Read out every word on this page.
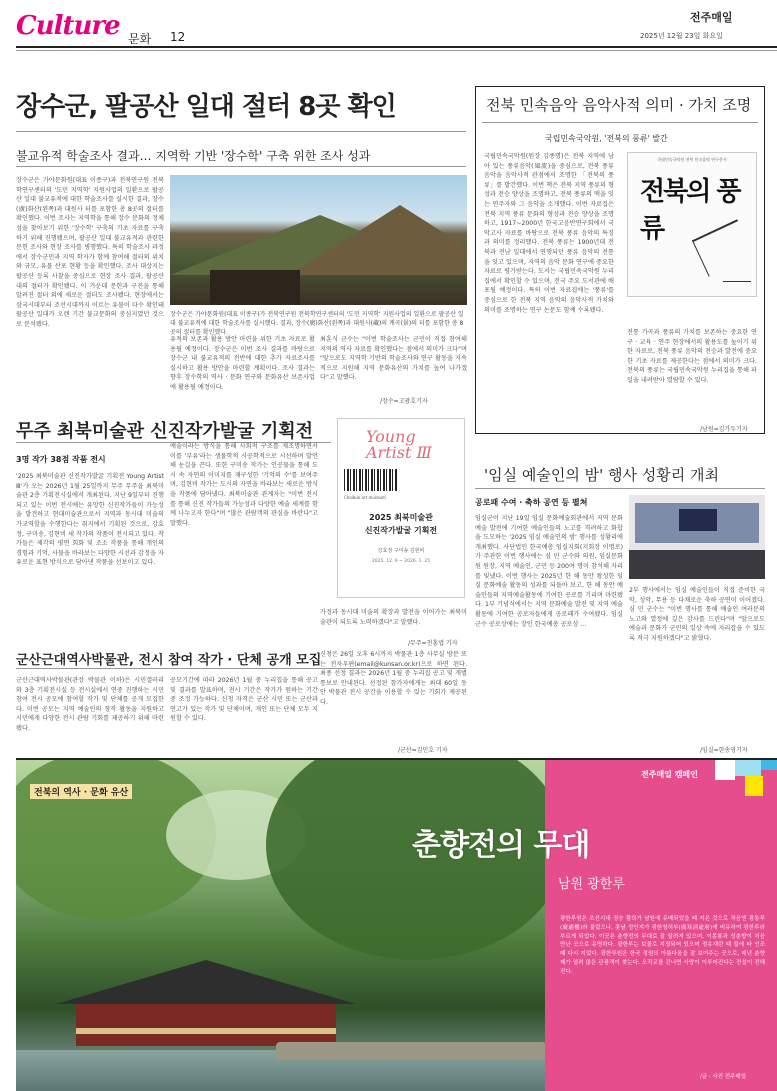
Culture 문화 12
전주매일
2025년 12월 23일 화요일
장수군, 팔공산 일대 절터 8곳 확인
불교유적 학술조사 결과… 지역학 기반 '장수학' 구축 위한 조사 성과
장수군은 가야문화원(대표 이종구)가 전북연구원 전북학연구센터의 '도민 지역학' 지원사업의 일환으로 팔공산 일대 불교유적에 대한 학술조사를 실시했다. 결과, 장수(廣)화산(왼쪽)과 대원사(藏)의 계곡(景)의 터를 포함한 총 8곳의 절터를 확인했다.
장수군은 가야문화원(대표 이종구)과 전북연구원 전북학연구센터의 '도민 지역학' 지원사업의 일환으로 팔공산 일대 불교유적에 대한 학술조사를 실시한 결과, 장수(廣)화산(왼쪽)과 대원사 터를 포함한 총 8곳의 절터를 확인했다. 이번 조사는 지역학을 통해 장수 문화의 정체성을 찾아보기 위한 '장수학' 구축의 기초 자료를 구축하기 위해 진행됐으며, 팔공산 일대 불교유적과 관련한 문헌 조사와 현장 조사를 병행했다. 특히 학술조사 과정에서 장수군민과 지역 학자가 함께 참여해 절터의 위치와 규모, 유물 산포 현황 등을 확인했다. 조사 대상지는 팔공산 등록 사찰을 중심으로 현장 조사 결과, 팔공산 내의 절터가 확인됐다. 이 가운데 문헌과 구전을 통해 알려진 절터 외에 새로운 절터도 조사됐다. 현장에서는 삼국시대부터 조선시대까지 이르는 유물이 다수 확인돼 팔공산 일대가 오랜 기간 불교문화의 중심지였던 것으로 분석됐다.
유적의 보존과 활용 방안 마련을 위한 기초 자료로 활용될 예정이다. 장수군은 이번 조사 결과를 바탕으로 장수군 내 불교유적의 전반에 대한 추가 자료조사를 실시하고 활용 방안을 마련할 계획이다. 조사 결과는 향후 장수학의 역사 · 문화 연구와 문화유산 보존사업에 활용될 예정이다.
최훈식 군수는 "이번 학술조사는 군민이 직접 참여해 지역의 역사 자료를 확인했다는 점에서 의미가 크다"며 "앞으로도 지역학 기반의 학술조사와 연구 활동을 지속적으로 지원해 지역 문화유산의 가치를 높여 나가겠다"고 말했다.
/장수=고광호기자
전북 민속음악 음악사적 의미 · 가치 조명
국립민속국악원, '전북의 풍류' 발간
국립민속국악원(원장 김종명)은 전북 지역에 남아 있는 풍류음악(風流)을 중심으로, 전북 풍류 음악을 음악사적 관점에서 조명한 「전북의 풍류」를 발간했다. 이번 책은 전북 지역 풍류의 형성과 전승 양상을 조명하고, 전북 풍류의 맥을 잇는 연주자와 그 음악을 소개했다. 이번 자료집은 전북 지역 풍류 문화의 형성과 전승 양상을 조명하고, 1917~2000년 한국고음반연구회에서 국악고사 자료를 바탕으로 전북 풍류 음악의 특징과 의미를 정리했다. 전북 풍류는 1900년대 전북과 전남 일대에서 연행되던 풍류 음악의 전통을 잇고 있으며, 지역의 음악 문화 연구에 중요한 자료로 평가받는다. 도서는 국립민속국악원 누리집에서 확인할 수 있으며, 전국 주요 도서관에 배포될 예정이다. 특히 이번 자료집에는 '풍류'를 중심으로 한 전북 지역 음악의 음악사적 가치와 의미를 조명하는 연구 논문도 함께 수록됐다.
국립민속국악원 전북 민속음악 연구총서
전북의 풍류
전통 가곡과 풍류의 가치를 보존하는 중요한 연구 · 교육 · 연주 현장에서의 활용도를 높이기 위한 자료로, 전북 풍류 음악의 전승과 발전에 중요한 기초 자료를 제공한다는 점에서 의미가 크다. 전북의 풍류는 국립민속국악원 누리집을 통해 파일을 내려받아 열람할 수 있다.
/남원=김가두기자
무주 최북미술관 신진작가발굴 기획전
3명 작가 38점 작품 전시
'2025 최북미술관 신진작가발굴 기획전 Young Artist Ⅲ'가 오는 2026년 1월 25일까지 무주 무주읍 최북미술관 2층 기획전시실에서 개최된다. 지난 9일부터 진행되고 있는 이번 전시에는 유망한 신진작가들이 가능성을 발견하고 현대미술관으로서 지역과 동시대 미술의 가교역할을 수행한다는 취지에서 기획된 것으로, 강효정, 구미송, 김현비 세 작가의 작품이 전시되고 있다. 작가들은 제각의 평면 회화 및 조소 작품을 통해 개인의 경험과 기억, 사물을 바라보는 다양한 시선과 감정을 자유로운 표현 방식으로 담아낸 작품을 선보이고 있다.
예술이라는 방식을 통해 사회적 구조를 재조명하면서 이를 '부유'라는 생물학적 시공학적으로 시선하며 발언해 눈길을 끈다. 또한 구미송 작가는 인공물을 통해 도시 속 자연의 이미지를 재구성한 '기억의 수'를 보여주며, 김현비 작가는 도시의 자연을 바라보는 새로운 방식을 작품에 담아냈다. 최북미술관 관계자는 "이번 전시를 통해 신진 작가들의 가능성과 다양한 예술 세계를 함께 나누고자 한다"며 "많은 관람객의 관심을 바란다"고 말했다.
Young
Artist Ⅲ
Choibuk art museum
2025 최북미술관
신진작가발굴 기획전
강효정 구미송 김현비
2025. 12. 9 ~ 2026. 1. 25
가정과 동시대 미술의 확장과 발전을 이어가는 최북미술관이 되도록 노력하겠다"고 말했다.
/무주=천홍엽 기자
군산근대역사박물관, 전시 참여 작가 · 단체 공개 모집
군산근대역사박물관(관장 박물관 이하)은 시민갤러리와 3층 기획전시실 등 전시실에서 연중 진행하는 시민 참여 전시 공모에 참여할 작가 및 단체를 공개 모집한다. 이번 공모는 지역 예술인의 창작 활동을 지원하고 시민에게 다양한 전시 관람 기회를 제공하기 위해 마련됐다.
공모기간에 따라 2026년 1월 중 누리집을 통해 공고 및 결과를 발표하며, 전시 기간은 작가가 원하는 기간 중 조정 가능하다. 신청 자격은 군산 시민 또는 군산과 연고가 있는 작가 및 단체이며, 개인 또는 단체 모두 지원할 수 있다.
신청은 26일 오후 6시까지 박물관 1층 사무실 방문 또는 전자우편(email@kunsan.or.kr)으로 하면 된다. 최종 선정 결과는 2026년 1월 중 누리집 공고 및 개별 통보로 안내된다. 선정된 참가자에게는 최대 60일 동안 박물관 전시 공간을 이용할 수 있는 기회가 제공된다.
/군산=김민호 기자
'임실 예술인의 밤' 행사 성황리 개최
공로패 수여 · 축하 공연 등 펼쳐
임실군이 지난 19일 임실 문화예술회관에서 지역 문화예술 발전에 기여한 예술인들의 노고를 격려하고 화합을 도모하는 '2025 임실 예술인의 밤' 행사를 성황리에 개최했다. 사단법인 한국예총 임실지회(지회장 이명로)가 주관한 이번 행사에는 심 민 군수와 의원, 임실문화원 원장, 지역 예술인, 군민 등 200여 명이 참석해 자리를 빛냈다. 이번 행사는 2025년 한 해 동안 왕성한 임실 문화예술 활동의 성과를 되돌아 보고, 한 해 동안 예술인들의 지역예술활동에 기여한 공로를 기리며 마련됐다. 1부 기념식에서는 지역 문화예술 발전 및 지역 예술 활동에 기여한 공로자들에게 공로패가 수여됐다. 임실군수 공로상에는 장인 한국예총 공로상 ...
2부 행사에서는 임실 예술인들이 직접 준비한 국악, 성악, 무용 등 다채로운 축하 공연이 이어졌다. 심 민 군수는 "이번 행사를 통해 예술인 여러분의 노고와 열정에 깊은 감사를 드린다"며 "앞으로도 예술과 문화가 군민의 일상 속에 자리잡을 수 있도록 적극 지원하겠다"고 밝혔다.
/임실=한송영기자
전북의 역사 · 문화 유산
전주매일 캠페인
춘향전의 무대
남원 광한루
광한루원은 조선시대 정승 황희가 남원에 유배되었을 때 지은 것으로 처음엔 광통루(廣通樓)라 불렀으나, 훗날 정인지가 광한청허부(廣寒淸虛府)에 비유하여 광한루라 부르게 되었다. 이곳은 춘향전의 무대로 잘 알려져 있으며, 이몽룡과 성춘향이 처음 만난 곳으로 유명하다. 광한루는 보물로 지정되어 있으며 정유재란 때 불에 타 인조 때 다시 지었다. 광한루원은 한국 정원의 아름다움을 잘 보여주는 곳으로, 매년 춘향제가 열려 많은 관광객이 찾는다. 오작교를 건너면 사랑이 이루어진다는 전설이 전해진다.
/글 · 사진 전주매일
